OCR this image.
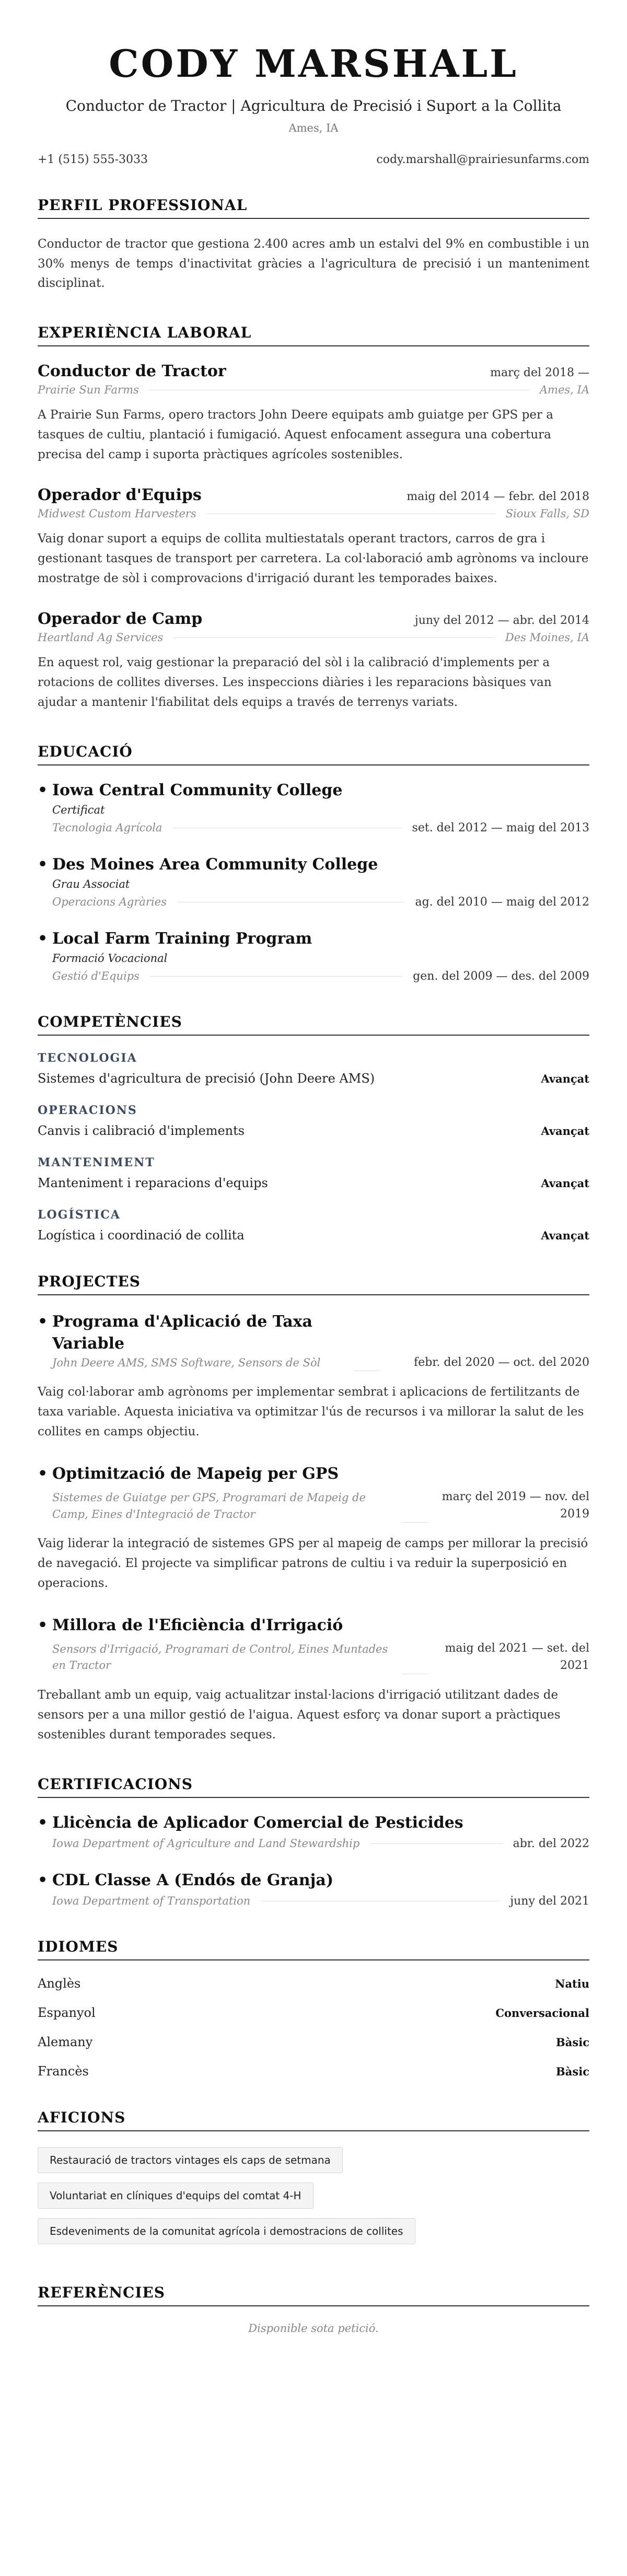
CODY MARSHALL
Conductor de Tractor | Agricultura de Precisió i Suport a la Collita
Ames, IA
+1 (515) 555-3033	cody.marshall@prairiesunfarms.com
PERFIL PROFESSIONAL

Conductor de tractor que gestiona 2.400 acres amb un estalvi del 9% en combustible i un 30% menys de temps d'inactivitat gràcies a l'agricultura de precisió i un manteniment disciplinat.

EXPERIÈNCIA LABORAL
Conductor de Tractor	març del 2018 —
Prairie Sun Farms	Ames, IA

A Prairie Sun Farms, opero tractors John Deere equipats amb guiatge per GPS per a tasques de cultiu, plantació i fumigació. Aquest enfocament assegura una cobertura precisa del camp i suporta pràctiques agrícoles sostenibles.

Operador d'Equips	maig del 2014 — febr. del 2018
Midwest Custom Harvesters	Sioux Falls, SD

Vaig donar suport a equips de collita multiestatals operant tractors, carros de gra i gestionant tasques de transport per carretera. La col·laboració amb agrònoms va incloure mostratge de sòl i comprovacions d'irrigació durant les temporades baixes.

Operador de Camp	juny del 2012 — abr. del 2014
Heartland Ag Services	Des Moines, IA

En aquest rol, vaig gestionar la preparació del sòl i la calibració d'implements per a rotacions de collites diverses. Les inspeccions diàries i les reparacions bàsiques van ajudar a mantenir l'fiabilitat dels equips a través de terrenys variats.

EDUCACIÓ
• Iowa Central Community College
Certificat
Tecnologia Agrícola	set. del 2012 — maig del 2013
• Des Moines Area Community College
Grau Associat
Operacions Agràries	ag. del 2010 — maig del 2012
• Local Farm Training Program
Formació Vocacional
Gestió d'Equips	gen. del 2009 — des. del 2009
COMPETÈNCIES
TECNOLOGIA
Sistemes d'agricultura de precisió (John Deere AMS)	Avançat
OPERACIONS
Canvis i calibració d'implements	Avançat
MANTENIMENT
Manteniment i reparacions d'equips	Avançat
LOGÍSTICA
Logística i coordinació de collita	Avançat
PROJECTES
• Programa d'Aplicació de Taxa Variable
John Deere AMS, SMS Software, Sensors de Sòl	febr. del 2020 — oct. del 2020

Vaig col·laborar amb agrònoms per implementar sembrat i aplicacions de fertilitzants de taxa variable. Aquesta iniciativa va optimitzar l'ús de recursos i va millorar la salut de les collites en camps objectiu.

• Optimització de Mapeig per GPS
Sistemes de Guiatge per GPS, Programari de Mapeig de Camp, Eines d'Integració de Tractor
març del 2019 — nov. del 2019

Vaig liderar la integració de sistemes GPS per al mapeig de camps per millorar la precisió de navegació. El projecte va simplificar patrons de cultiu i va reduir la superposició en operacions.

• Millora de l'Eficiència d'Irrigació
Sensors d'Irrigació, Programari de Control, Eines Muntades en Tractor
maig del 2021 — set. del 2021

Treballant amb un equip, vaig actualitzar instal·lacions d'irrigació utilitzant dades de sensors per a una millor gestió de l'aigua. Aquest esforç va donar suport a pràctiques sostenibles durant temporades seques.

CERTIFICACIONS
• Llicència de Aplicador Comercial de Pesticides
Iowa Department of Agriculture and Land Stewardship	abr. del 2022
• CDL Classe A (Endós de Granja)
Iowa Department of Transportation	juny del 2021
IDIOMES
Anglès	Natiu
Espanyol	Conversacional
Alemany	Bàsic
Francès	Bàsic
AFICIONS
Restauració de tractors vintages els caps de setmana
Voluntariat en clíniques d'equips del comtat 4-H
Esdeveniments de la comunitat agrícola i demostracions de collites
REFERÈNCIES
Disponible sota petició.
